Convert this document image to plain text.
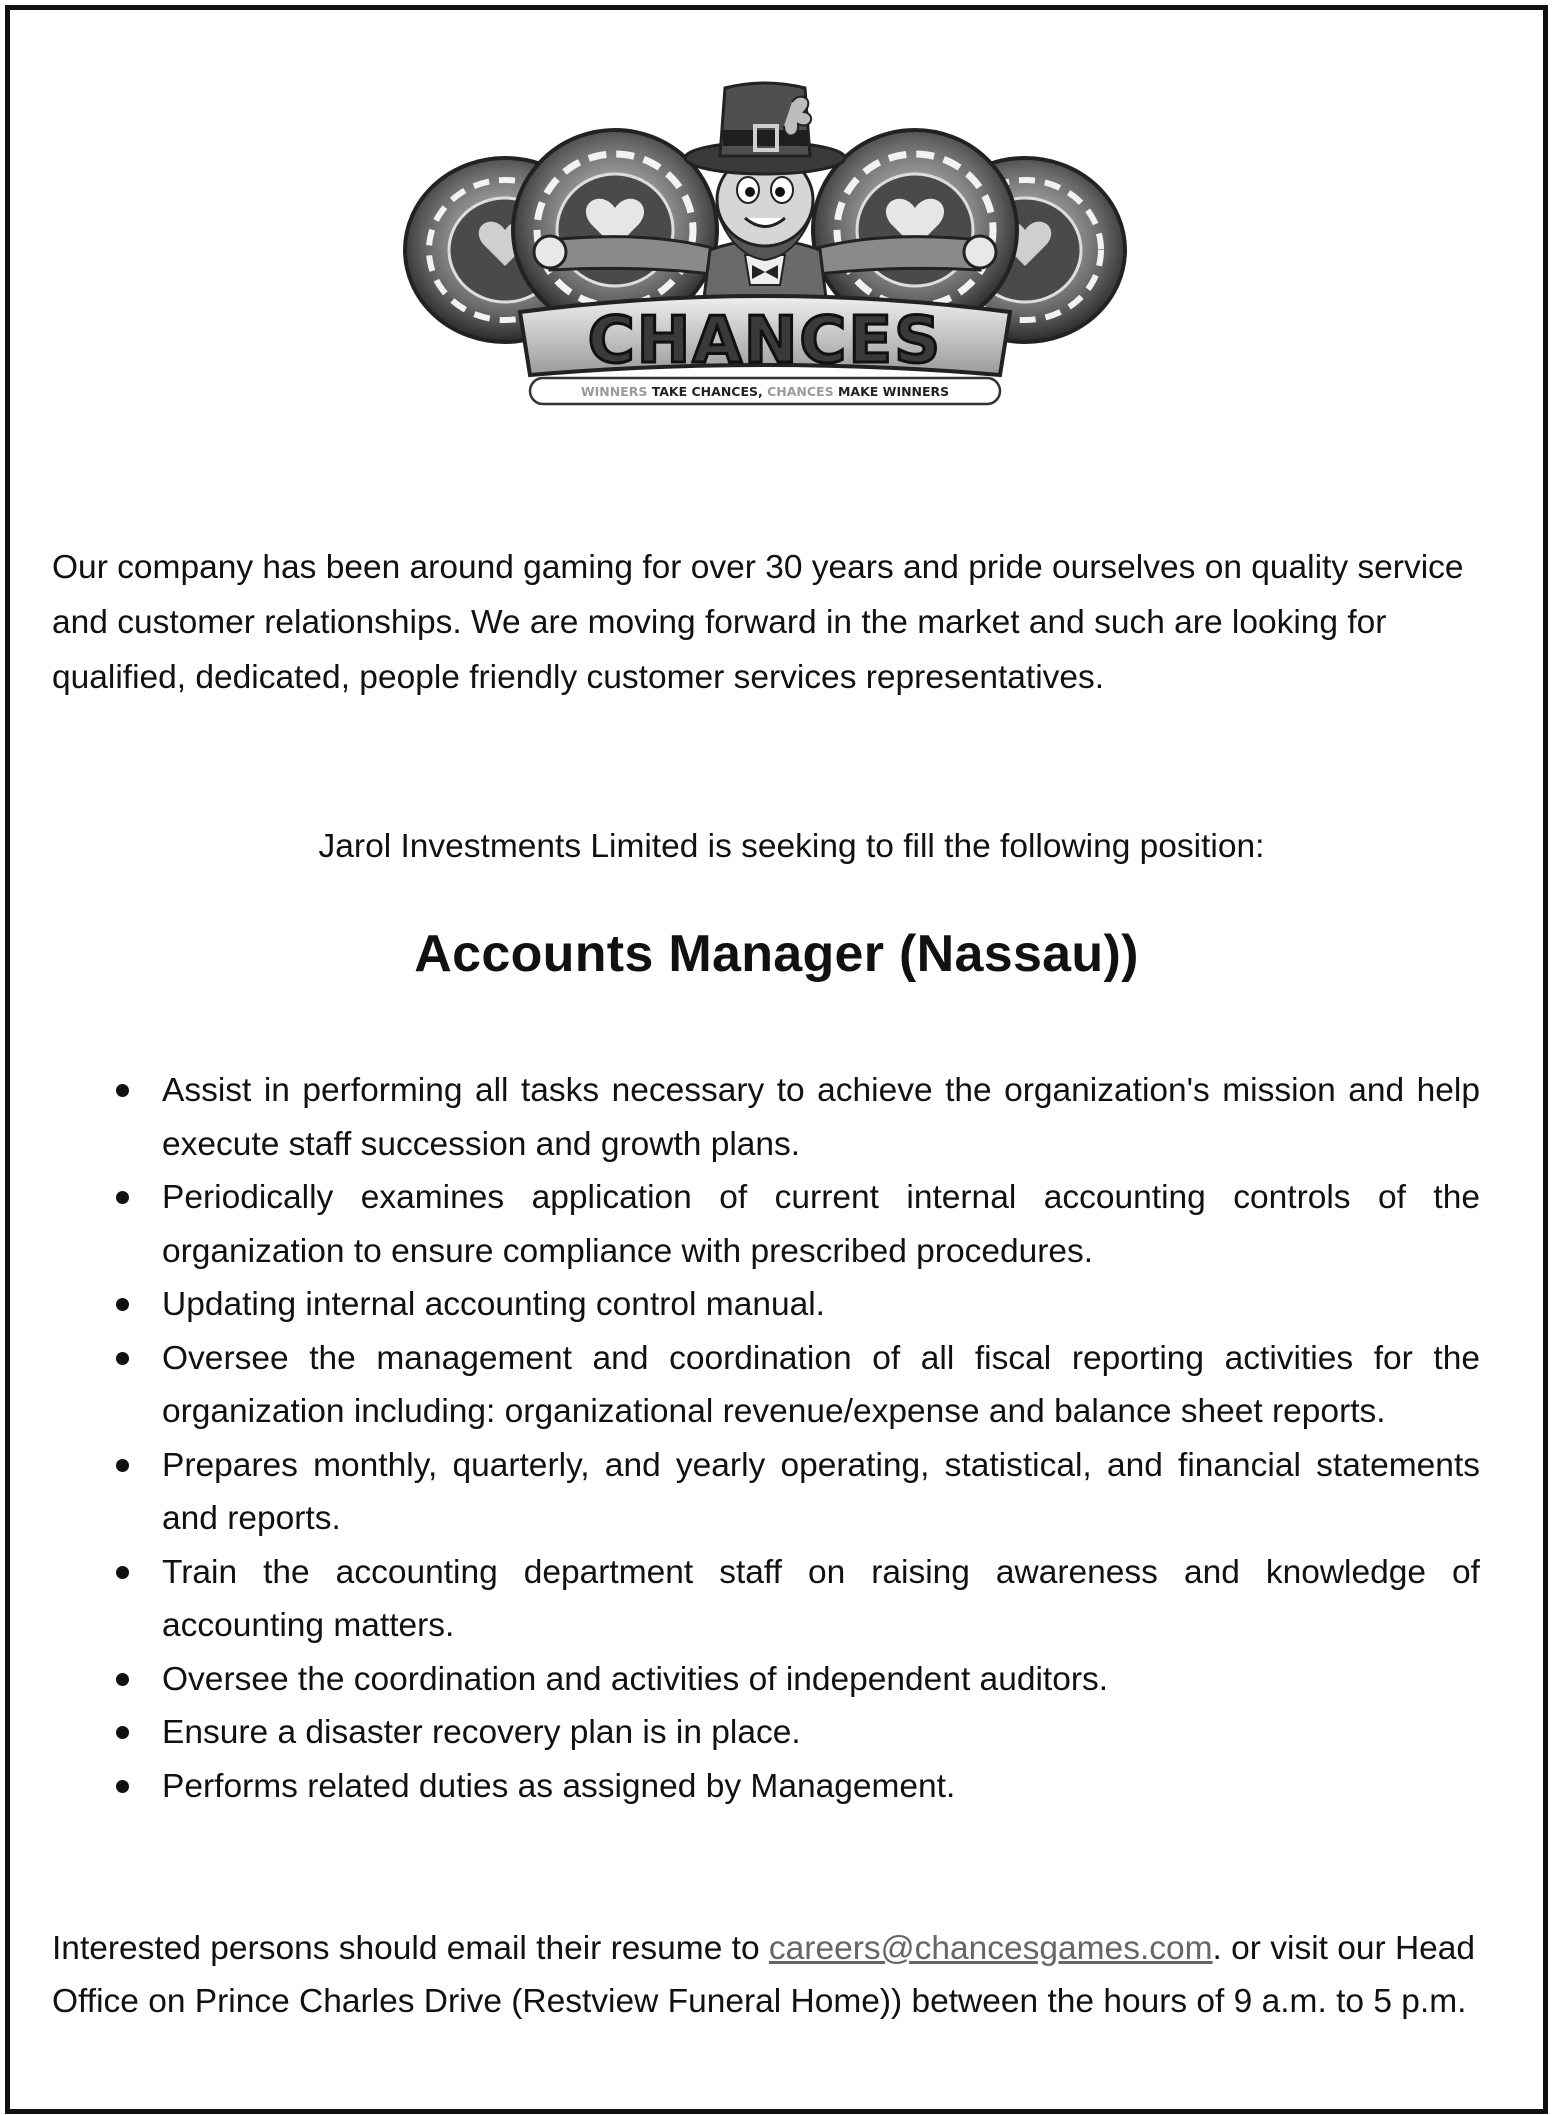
CHANCES
WINNERS TAKE CHANCES, CHANCES MAKE WINNERS

Our company has been around gaming for over 30 years and pride ourselves on quality service and customer relationships. We are moving forward in the market and such are looking for qualified, dedicated, people friendly customer services representatives.

Jarol Investments Limited is seeking to fill the following position:

Accounts Manager (Nassau))
Assist in performing all tasks necessary to achieve the organization's mission and help execute staff succession and growth plans.
Periodically examines application of current internal accounting controls of the organization to ensure compliance with prescribed procedures.
Updating internal accounting control manual.
Oversee the management and coordination of all fiscal reporting activities for the organization including: organizational revenue/expense and balance sheet reports.
Prepares monthly, quarterly, and yearly operating, statistical, and financial statements and reports.
Train the accounting department staff on raising awareness and knowledge of accounting matters.
Oversee the coordination and activities of independent auditors.
Ensure a disaster recovery plan is in place.
Performs related duties as assigned by Management.

Interested persons should email their resume to careers@chancesgames.com. or visit our Head Office on Prince Charles Drive (Restview Funeral Home)) between the hours of 9 a.m. to 5 p.m.
